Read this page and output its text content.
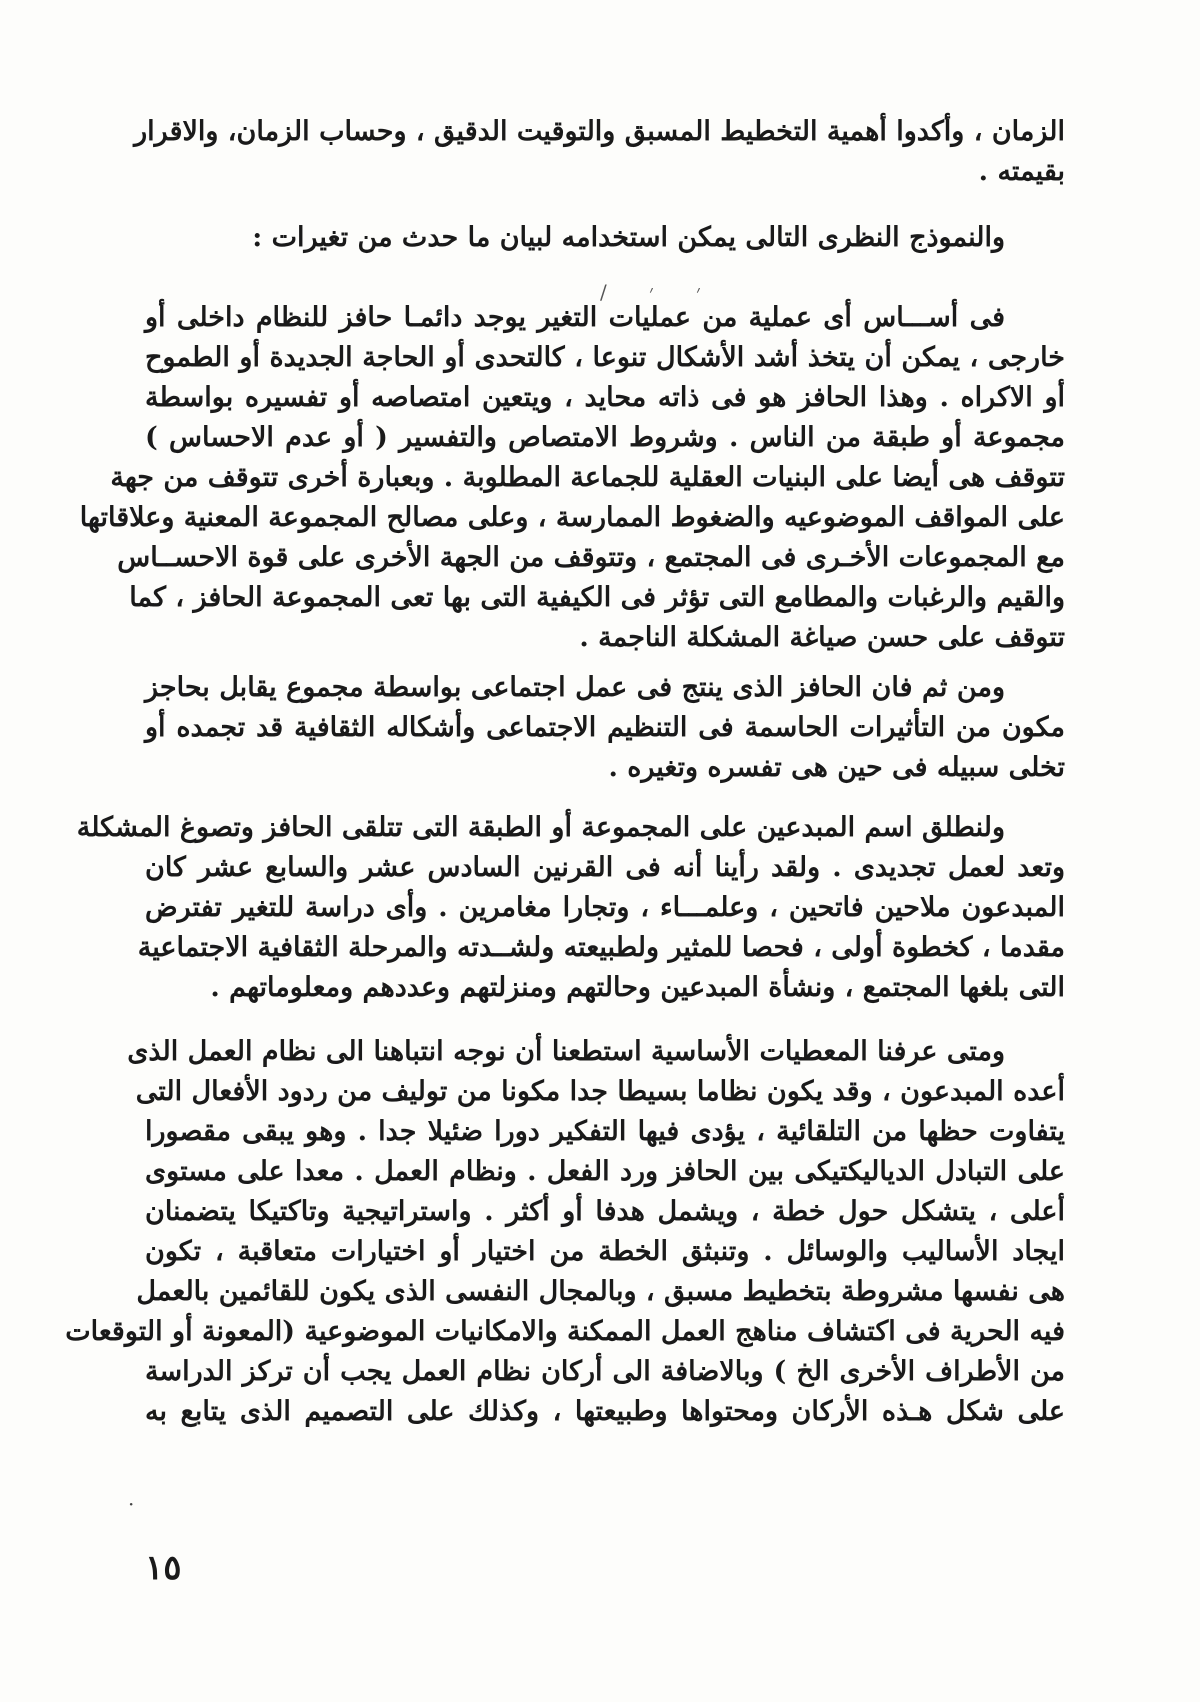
/ ׳ ׳
الزمان ، وأكدوا أهمية التخطيط المسبق والتوقيت الدقيق ، وحساب الزمان، والاقرار
بقيمته .
والنموذج النظرى التالى يمكن استخدامه لبيان ما حدث من تغيرات :
فى أســـاس أى عملية من عمليات التغير يوجد دائمـا حافز للنظام داخلى أو
خارجى ، يمكن أن يتخذ أشد الأشكال تنوعا ، كالتحدى أو الحاجة الجديدة أو الطموح
أو الاكراه . وهذا الحافز هو فى ذاته محايد ، ويتعين امتصاصه أو تفسيره بواسطة
مجموعة أو طبقة من الناس . وشروط الامتصاص والتفسير ( أو عدم الاحساس )
تتوقف هى أيضا على البنيات العقلية للجماعة المطلوبة . وبعبارة أخرى تتوقف من جهة
على المواقف الموضوعيه والضغوط الممارسة ، وعلى مصالح المجموعة المعنية وعلاقاتها
مع المجموعات الأخـرى فى المجتمع ، وتتوقف من الجهة الأخرى على قوة الاحســاس
والقيم والرغبات والمطامع التى تؤثر فى الكيفية التى بها تعى المجموعة الحافز ، كما
تتوقف على حسن صياغة المشكلة الناجمة .
ومن ثم فان الحافز الذى ينتج فى عمل اجتماعى بواسطة مجموع يقابل بحاجز
مكون من التأثيرات الحاسمة فى التنظيم الاجتماعى وأشكاله الثقافية قد تجمده أو
تخلى سبيله فى حين هى تفسره وتغيره .
ولنطلق اسم المبدعين على المجموعة أو الطبقة التى تتلقى الحافز وتصوغ المشكلة
وتعد لعمل تجديدى . ولقد رأينا أنه فى القرنين السادس عشر والسابع عشر كان
المبدعون ملاحين فاتحين ، وعلمـــاء ، وتجارا مغامرين . وأى دراسة للتغير تفترض
مقدما ، كخطوة أولى ، فحصا للمثير ولطبيعته ولشــدته والمرحلة الثقافية الاجتماعية
التى بلغها المجتمع ، ونشأة المبدعين وحالتهم ومنزلتهم وعددهم ومعلوماتهم .
ومتى عرفنا المعطيات الأساسية استطعنا أن نوجه انتباهنا الى نظام العمل الذى
أعده المبدعون ، وقد يكون نظاما بسيطا جدا مكونا من توليف من ردود الأفعال التى
يتفاوت حظها من التلقائية ، يؤدى فيها التفكير دورا ضئيلا جدا . وهو يبقى مقصورا
على التبادل الدياليكتيكى بين الحافز ورد الفعل . ونظام العمل . معدا على مستوى
أعلى ، يتشكل حول خطة ، ويشمل هدفا أو أكثر . واستراتيجية وتاكتيكا يتضمنان
ايجاد الأساليب والوسائل . وتنبثق الخطة من اختيار أو اختيارات متعاقبة ، تكون
هى نفسها مشروطة بتخطيط مسبق ، وبالمجال النفسى الذى يكون للقائمين بالعمل
فيه الحرية فى اكتشاف مناهج العمل الممكنة والامكانيات الموضوعية (المعونة أو التوقعات
من الأطراف الأخرى الخ ) وبالاضافة الى أركان نظام العمل يجب أن تركز الدراسة
على شكل هـذه الأركان ومحتواها وطبيعتها ، وكذلك على التصميم الذى يتابع به
·
١٥
